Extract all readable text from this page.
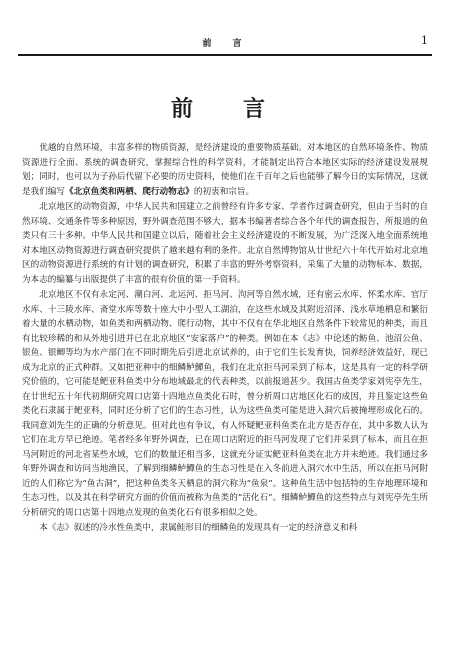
前　言	1
前　言

优越的自然环境，丰富多样的物质资源，是经济建设的重要物质基础。对本地区的自然环境条件、物质资源进行全面、系统的调查研究，掌握综合性的科学资料，才能制定出符合本地区实际的经济建设发展规划；同时，也可以为子孙后代留下必要的历史资料，使他们在千百年之后也能够了解今日的实际情况，这就是我们编写《北京鱼类和两栖、爬行动物志》的初衷和宗旨。

北京地区的动物资源，中华人民共和国建立之前曾经有许多专家、学者作过调查研究，但由于当时的自然环境、交通条件等多种原因，野外调查范围不够大，据本书编著者综合各个年代的调查报告，所报道的鱼类只有三十多种。中华人民共和国建立以后，随着社会主义经济建设的不断发展，为广泛深入地全面系统地对本地区动物资源进行调查研究提供了越来越有利的条件。北京自然博物馆从廿世纪六十年代开始对北京地区的动物资源进行系统的有计划的调查研究，积累了丰富的野外考察资料，采集了大量的动物标本、数据，为本志的编纂与出版提供了丰富的很有价值的第一手资料。

北京地区不仅有永定河、潮白河、北运河、拒马河、泃河等自然水域，还有密云水库、怀柔水库、官厅水库、十三陵水库、斋堂水库等数十座大中小型人工湖泊，在这些水域及其附近沼泽、浅水草地栖息和繁衍着大量的水栖动物，如鱼类和两栖动物、爬行动物，其中不仅有在华北地区自然条件下较常见的种类，而且有比较珍稀的和从外地引进并已在北京地区“安家落户”的种类。例如在本《志》中论述的鲂鱼、池沼公鱼、银鱼、银鲫等均为水产部门在不同时期先后引进北京试养的，由于它们生长发育快，饲养经济效益好，现已成为北京的正式种群。又如把亚种中的细鳞鲈鱓鱼，我们在北京拒马河采到了标本，这是具有一定的科学研究价值的，它可能是鲃亚科鱼类中分布地域最北的代表种类，以前报道甚少。我国古鱼类学家刘宪亭先生，在廿世纪五十年代初期研究周口店第十四地点鱼类化石时，曾分析周口店地区化石的成因，并且鉴定这些鱼类化石隶属于鲃亚科，同时还分析了它们的生态习性，认为这些鱼类可能是进入洞穴后被掩埋形成化石的。我同意刘先生的正确的分析意见。但对此也有争议，有人怀疑鲃亚科鱼类在北方是否存在，其中多数人认为它们在北方早已绝迹。笔者经多年野外调查，已在周口店附近的拒马河发现了它们并采到了标本，而且在拒马河附近的河北省某些水域，它们的数量还相当多，这就充分证实鲃亚科鱼类在北方并未绝迹。我们通过多年野外调查和访问当地渔民，了解到细鳞鲈鱓鱼的生态习性是在入冬前进入洞穴水中生活，所以在拒马河附近的人们称它为“鱼古洞”，把这种鱼类冬天栖息的洞穴称为“鱼泉”。这种鱼生活中包括特的生存地理环境和生态习性，以及其在科学研究方面的价值而被称为鱼类的“活化石”。细鳞鲈鱓鱼的这些特点与刘宪亭先生所分析研究的周口店第十四地点发现的鱼类化石有很多相似之处。

本《志》叙述的冷水性鱼类中，隶属鲑形目的细鳞鱼的发现具有一定的经济意义和科
